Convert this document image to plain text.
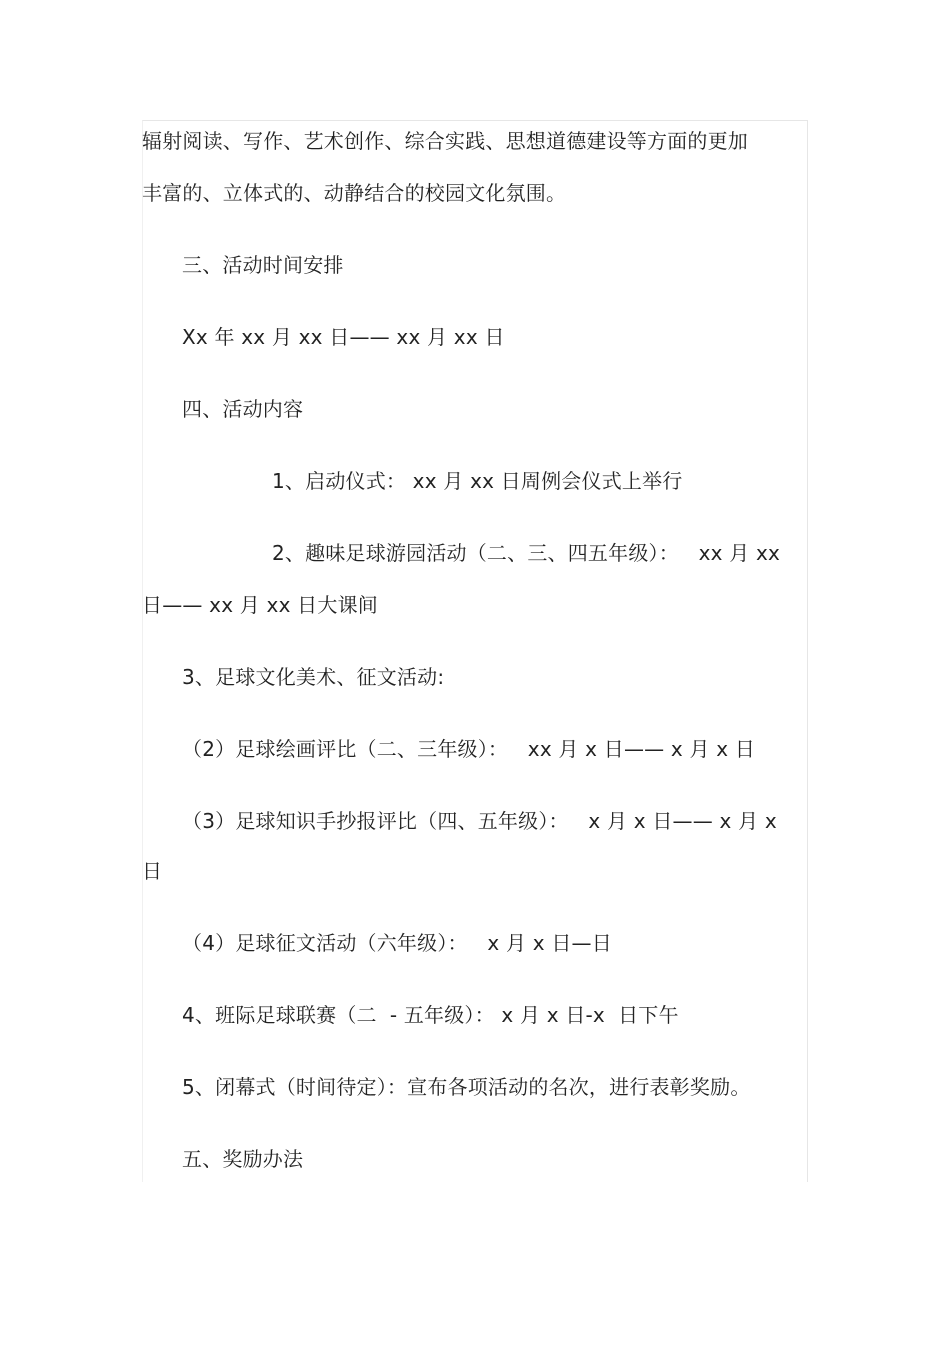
辐射阅读、写作、艺术创作、综合实践、思想道德建设等方面的更加
丰富的、立体式的、动静结合的校园文化氛围。
三、活动时间安排
Xx 年 xx 月 xx 日—— xx 月 xx 日
四、活动内容
1、启动仪式： xx 月 xx 日周例会仪式上举行
2、趣味足球游园活动（二、三、四五年级）：   xx 月 xx
日—— xx 月 xx 日大课间
3、足球文化美术、征文活动:
（2）足球绘画评比（二、三年级）：   xx 月 x 日—— x 月 x 日
（3）足球知识手抄报评比（四、五年级）：   x 月 x 日—— x 月 x
日
（4）足球征文活动（六年级）：   x 月 x 日—日
4、班际足球联赛（二  - 五年级）： x 月 x 日-x  日下午
5、闭幕式（时间待定）：宣布各项活动的名次，进行表彰奖励。
五、奖励办法
